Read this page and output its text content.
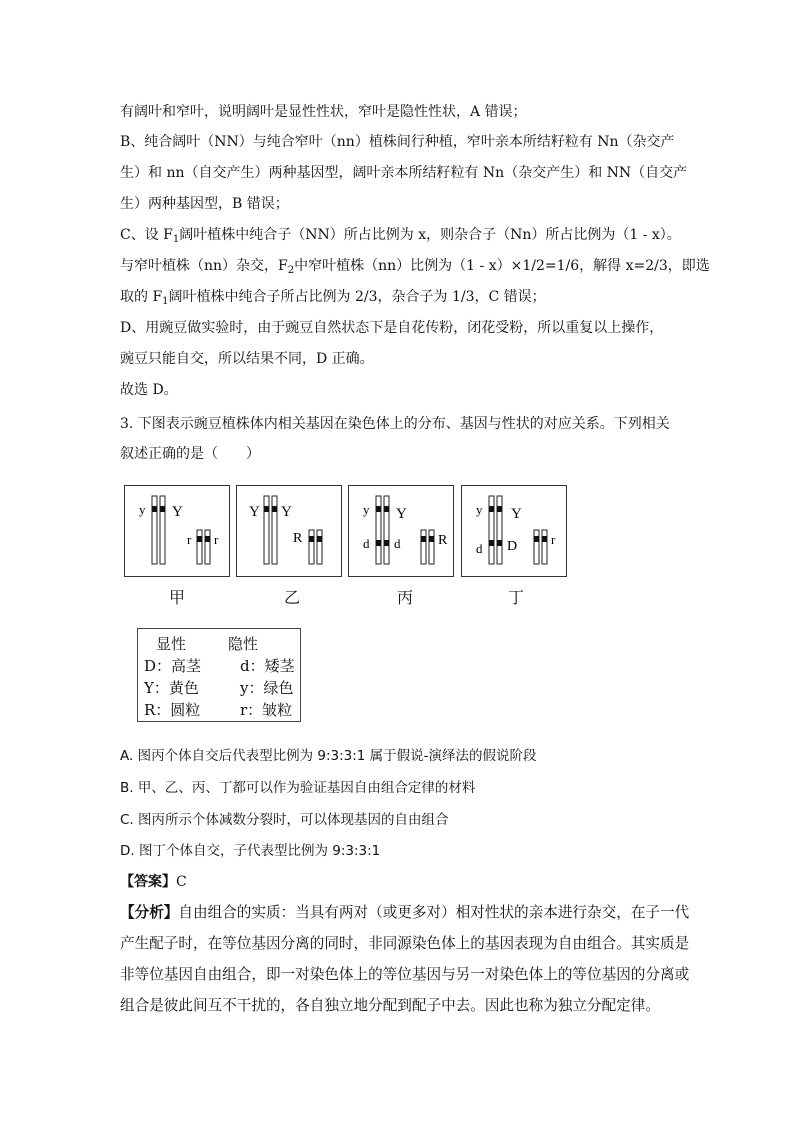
有阔叶和窄叶，说明阔叶是显性性状，窄叶是隐性性状，A 错误；
B、纯合阔叶（NN）与纯合窄叶（nn）植株间行种植，窄叶亲本所结籽粒有 Nn（杂交产
生）和 nn（自交产生）两种基因型，阔叶亲本所结籽粒有 Nn（杂交产生）和 NN（自交产
生）两种基因型，B 错误；
C、设 $F_1$阔叶植株中纯合子（NN）所占比例为 x，则杂合子（Nn）所占比例为（1 - x）。
与窄叶植株（nn）杂交，$F_2$中窄叶植株（nn）比例为（1 - x）×1/2=1/6，解得 x=2/3，即选
取的 $F_1$阔叶植株中纯合子所占比例为 2/3，杂合子为 1/3，C 错误；
D、用豌豆做实验时，由于豌豆自然状态下是自花传粉，闭花受粉，所以重复以上操作，
豌豆只能自交，所以结果不同，D 正确。
故选 D。
3. 下图表示豌豆植株体内相关基因在染色体上的分布、基因与性状的对应关系。下列相关
叙述正确的是（　　）
y Y
r r
Y Y
R
y Y
d d	R
y Y
d D	r
甲	乙	丙	丁
显性	隐性
D：高茎	d：矮茎
Y：黄色	y：绿色
R：圆粒	r：皱粒
A. 图丙个体自交后代表型比例为 9:3:3:1 属于假说-演绎法的假说阶段
B. 甲、乙、丙、丁都可以作为验证基因自由组合定律的材料
C. 图丙所示个体减数分裂时，可以体现基因的自由组合
D. 图丁个体自交，子代表型比例为 9:3:3:1
【答案】C
【分析】自由组合的实质：当具有两对（或更多对）相对性状的亲本进行杂交，在子一代
产生配子时，在等位基因分离的同时，非同源染色体上的基因表现为自由组合。其实质是
非等位基因自由组合，即一对染色体上的等位基因与另一对染色体上的等位基因的分离或
组合是彼此间互不干扰的，各自独立地分配到配子中去。因此也称为独立分配定律。
